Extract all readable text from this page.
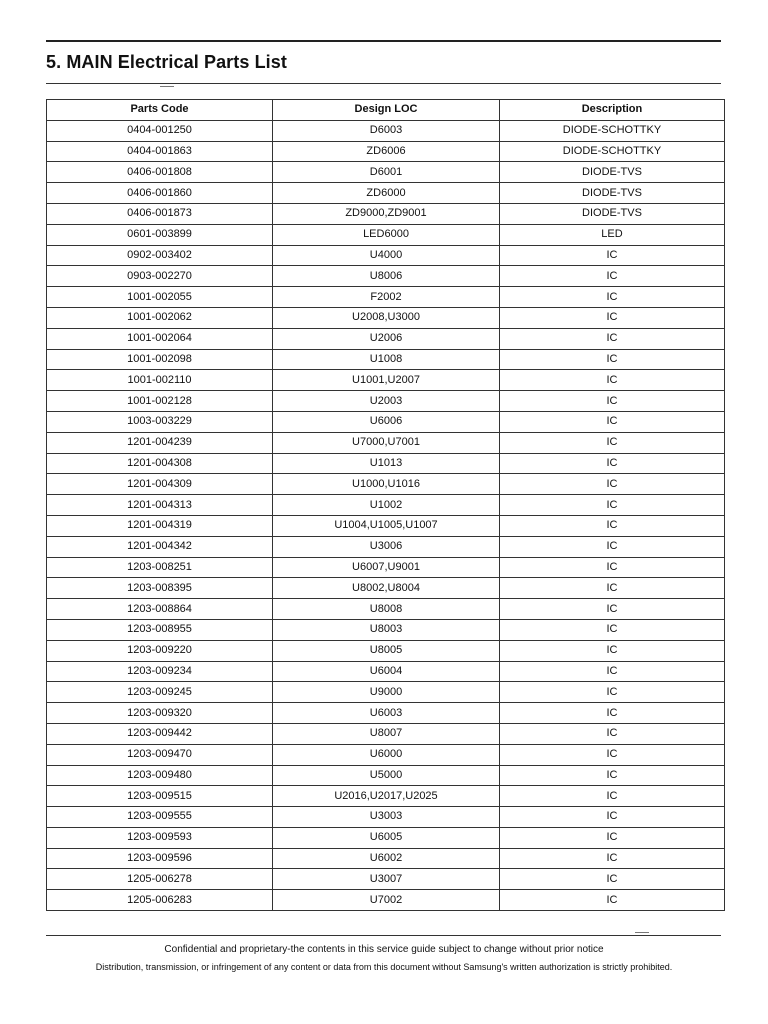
5. MAIN Electrical Parts List
Parts Code	Design LOC	Description
0404-001250	D6003	DIODE-SCHOTTKY
0404-001863	ZD6006	DIODE-SCHOTTKY
0406-001808	D6001	DIODE-TVS
0406-001860	ZD6000	DIODE-TVS
0406-001873	ZD9000,ZD9001	DIODE-TVS
0601-003899	LED6000	LED
0902-003402	U4000	IC
0903-002270	U8006	IC
1001-002055	F2002	IC
1001-002062	U2008,U3000	IC
1001-002064	U2006	IC
1001-002098	U1008	IC
1001-002110	U1001,U2007	IC
1001-002128	U2003	IC
1003-003229	U6006	IC
1201-004239	U7000,U7001	IC
1201-004308	U1013	IC
1201-004309	U1000,U1016	IC
1201-004313	U1002	IC
1201-004319	U1004,U1005,U1007	IC
1201-004342	U3006	IC
1203-008251	U6007,U9001	IC
1203-008395	U8002,U8004	IC
1203-008864	U8008	IC
1203-008955	U8003	IC
1203-009220	U8005	IC
1203-009234	U6004	IC
1203-009245	U9000	IC
1203-009320	U6003	IC
1203-009442	U8007	IC
1203-009470	U6000	IC
1203-009480	U5000	IC
1203-009515	U2016,U2017,U2025	IC
1203-009555	U3003	IC
1203-009593	U6005	IC
1203-009596	U6002	IC
1205-006278	U3007	IC
1205-006283	U7002	IC
Confidential and proprietary-the contents in this service guide subject to change without prior notice
Distribution, transmission, or infringement of any content or data from this document without Samsung's written authorization is strictly prohibited.
